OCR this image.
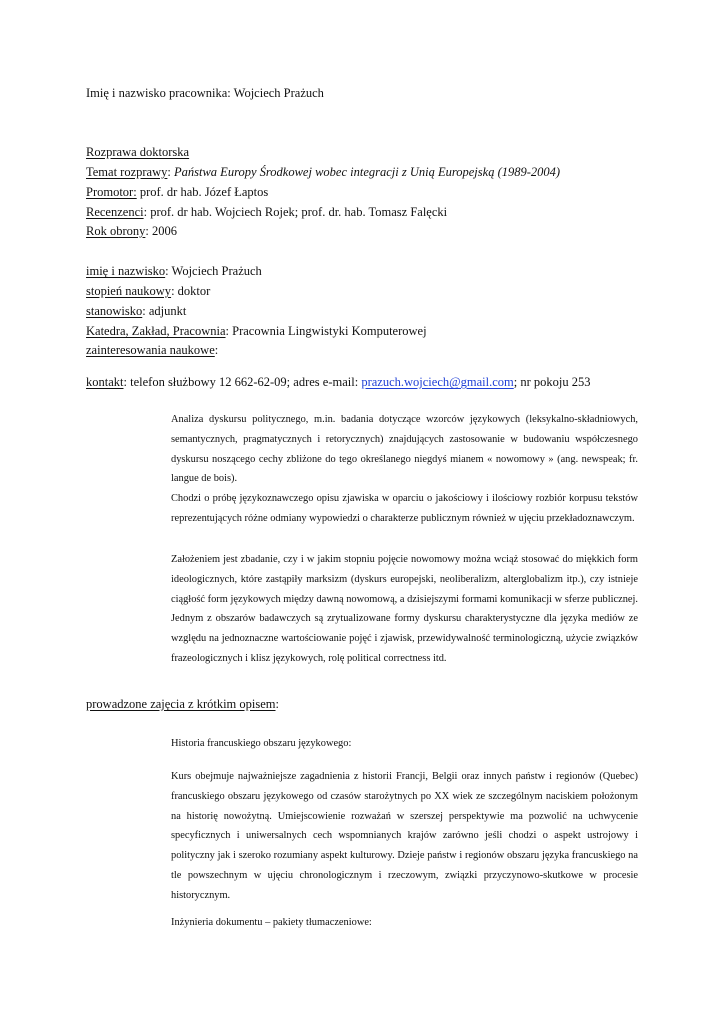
Imię i nazwisko pracownika: Wojciech Prażuch
Rozprawa doktorska
Temat rozprawy: Państwa Europy Środkowej wobec integracji z Unią Europejską (1989-2004)
Promotor: prof. dr hab. Józef Łaptos
Recenzenci: prof. dr hab. Wojciech Rojek; prof. dr. hab. Tomasz Falęcki
Rok obrony: 2006
imię i nazwisko: Wojciech Prażuch
stopień naukowy: doktor
stanowisko: adjunkt
Katedra, Zakład, Pracownia: Pracownia Lingwistyki Komputerowej
zainteresowania naukowe:
kontakt: telefon służbowy 12 662-62-09; adres e-mail: prazuch.wojciech@gmail.com; nr pokoju 253

Analiza dyskursu politycznego, m.in. badania dotyczące wzorców językowych (leksykalno-składniowych, semantycznych, pragmatycznych i retorycznych) znajdujących zastosowanie w budowaniu współczesnego dyskursu noszącego cechy zbliżone do tego określanego niegdyś mianem « nowomowy » (ang. newspeak; fr. langue de bois).

Chodzi o próbę językoznawczego opisu zjawiska w oparciu o jakościowy i ilościowy rozbiór korpusu tekstów reprezentujących różne odmiany wypowiedzi o charakterze publicznym również w ujęciu przekładoznawczym.

Założeniem jest zbadanie, czy i w jakim stopniu pojęcie nowomowy można wciąż stosować do miękkich form ideologicznych, które zastąpiły marksizm (dyskurs europejski, neoliberalizm, alterglobalizm itp.), czy istnieje ciągłość form językowych między dawną nowomową, a dzisiejszymi formami komunikacji w sferze publicznej. Jednym z obszarów badawczych są zrytualizowane formy dyskursu charakterystyczne dla języka mediów ze względu na jednoznaczne wartościowanie pojęć i zjawisk, przewidywalność terminologiczną, użycie związków frazeologicznych i klisz językowych, rolę political correctness itd.

prowadzone zajęcia z krótkim opisem:
Historia francuskiego obszaru językowego:

Kurs obejmuje najważniejsze zagadnienia z historii Francji, Belgii oraz innych państw i regionów (Quebec) francuskiego obszaru językowego od czasów starożytnych po XX wiek ze szczególnym naciskiem położonym na historię nowożytną. Umiejscowienie rozważań w szerszej perspektywie ma pozwolić na uchwycenie specyficznych i uniwersalnych cech wspomnianych krajów zarówno jeśli chodzi o aspekt ustrojowy i polityczny jak i szeroko rozumiany aspekt kulturowy. Dzieje państw i regionów obszaru języka francuskiego na tle powszechnym w ujęciu chronologicznym i rzeczowym, związki przyczynowo-skutkowe w procesie historycznym.

Inżynieria dokumentu – pakiety tłumaczeniowe:
